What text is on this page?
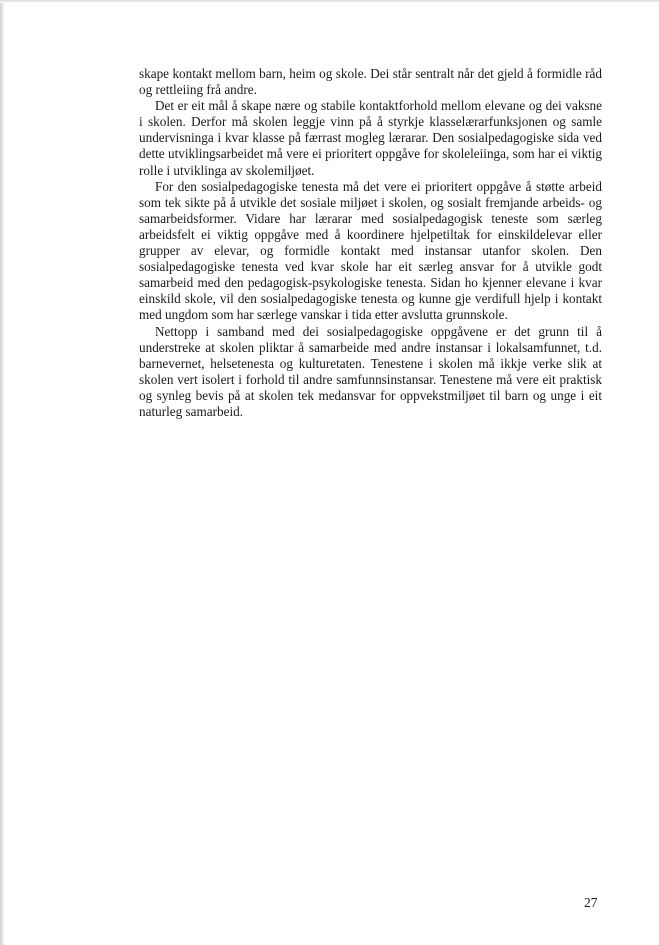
skape kontakt mellom barn, heim og skole. Dei står sentralt når det gjeld å formidle råd og rettleiing frå andre.

Det er eit mål å skape nære og stabile kontaktforhold mellom elevane og dei vaksne i skolen. Derfor må skolen leggje vinn på å styrkje klasselærarfunksjonen og samle undervisninga i kvar klasse på færrast mogleg lærarar. Den sosialpedagogiske sida ved dette utviklingsarbeidet må vere ei prioritert oppgåve for skoleleiinga, som har ei viktig rolle i utviklinga av skolemiljøet.

For den sosialpedagogiske tenesta må det vere ei prioritert oppgåve å støtte arbeid som tek sikte på å utvikle det sosiale miljøet i skolen, og sosialt fremjande arbeids- og samarbeidsformer. Vidare har lærarar med sosialpedagogisk teneste som særleg arbeidsfelt ei viktig oppgåve med å koordinere hjelpetiltak for einskildelevar eller grupper av elevar, og formidle kontakt med instansar utanfor skolen. Den sosialpedagogiske tenesta ved kvar skole har eit særleg ansvar for å utvikle godt samarbeid med den pedagogisk-psykologiske tenesta. Sidan ho kjenner elevane i kvar einskild skole, vil den sosialpedagogiske tenesta og kunne gje verdifull hjelp i kontakt med ungdom som har særlege vanskar i tida etter avslutta grunnskole.

Nettopp i samband med dei sosialpedagogiske oppgåvene er det grunn til å understreke at skolen pliktar å samarbeide med andre instansar i lokalsamfunnet, t.d. barnevernet, helsetenesta og kulturetaten. Tenestene i skolen må ikkje verke slik at skolen vert isolert i forhold til andre samfunnsinstansar. Tenestene må vere eit praktisk og synleg bevis på at skolen tek medansvar for oppvekstmiljøet til barn og unge i eit naturleg samarbeid.

27
